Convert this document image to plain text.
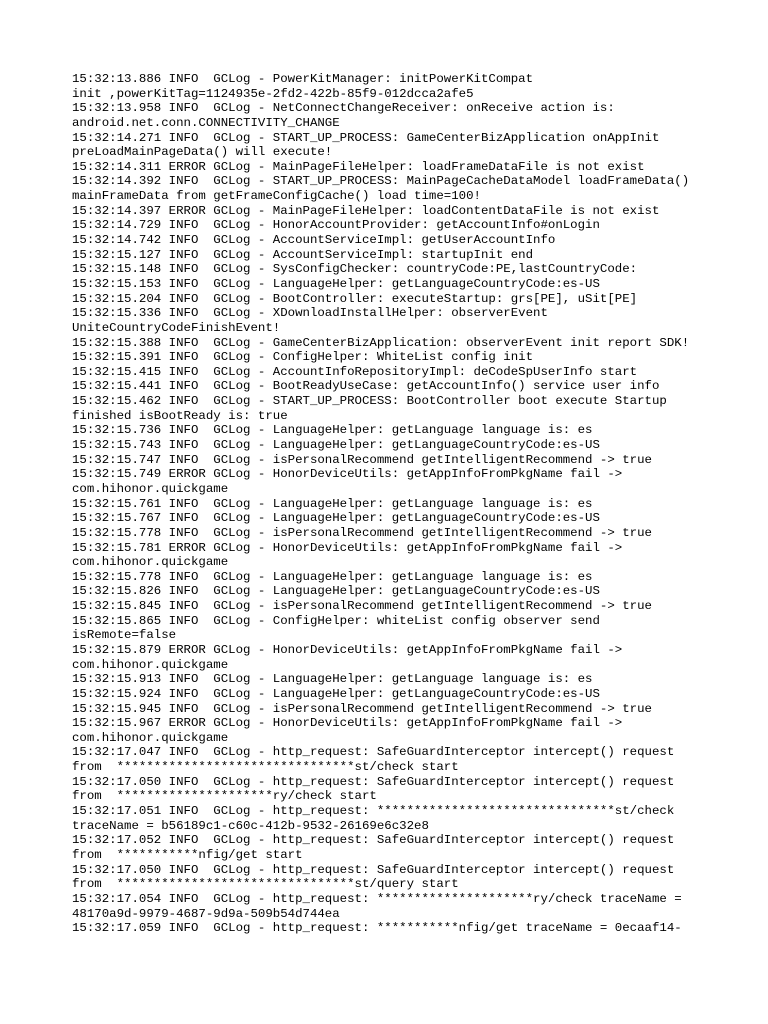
15:32:13.886 INFO  GCLog - PowerKitManager: initPowerKitCompat
init ,powerKitTag=1124935e-2fd2-422b-85f9-012dcca2afe5
15:32:13.958 INFO  GCLog - NetConnectChangeReceiver: onReceive action is:
android.net.conn.CONNECTIVITY_CHANGE
15:32:14.271 INFO  GCLog - START_UP_PROCESS: GameCenterBizApplication onAppInit
preLoadMainPageData() will execute!
15:32:14.311 ERROR GCLog - MainPageFileHelper: loadFrameDataFile is not exist
15:32:14.392 INFO  GCLog - START_UP_PROCESS: MainPageCacheDataModel loadFrameData()
mainFrameData from getFrameConfigCache() load time=100!
15:32:14.397 ERROR GCLog - MainPageFileHelper: loadContentDataFile is not exist
15:32:14.729 INFO  GCLog - HonorAccountProvider: getAccountInfo#onLogin
15:32:14.742 INFO  GCLog - AccountServiceImpl: getUserAccountInfo
15:32:15.127 INFO  GCLog - AccountServiceImpl: startupInit end
15:32:15.148 INFO  GCLog - SysConfigChecker: countryCode:PE,lastCountryCode:
15:32:15.153 INFO  GCLog - LanguageHelper: getLanguageCountryCode:es-US
15:32:15.204 INFO  GCLog - BootController: executeStartup: grs[PE], uSit[PE]
15:32:15.336 INFO  GCLog - XDownloadInstallHelper: observerEvent
UniteCountryCodeFinishEvent!
15:32:15.388 INFO  GCLog - GameCenterBizApplication: observerEvent init report SDK!
15:32:15.391 INFO  GCLog - ConfigHelper: WhiteList config init
15:32:15.415 INFO  GCLog - AccountInfoRepositoryImpl: deCodeSpUserInfo start
15:32:15.441 INFO  GCLog - BootReadyUseCase: getAccountInfo() service user info
15:32:15.462 INFO  GCLog - START_UP_PROCESS: BootController boot execute Startup
finished isBootReady is: true
15:32:15.736 INFO  GCLog - LanguageHelper: getLanguage language is: es
15:32:15.743 INFO  GCLog - LanguageHelper: getLanguageCountryCode:es-US
15:32:15.747 INFO  GCLog - isPersonalRecommend getIntelligentRecommend -> true
15:32:15.749 ERROR GCLog - HonorDeviceUtils: getAppInfoFromPkgName fail ->
com.hihonor.quickgame
15:32:15.761 INFO  GCLog - LanguageHelper: getLanguage language is: es
15:32:15.767 INFO  GCLog - LanguageHelper: getLanguageCountryCode:es-US
15:32:15.778 INFO  GCLog - isPersonalRecommend getIntelligentRecommend -> true
15:32:15.781 ERROR GCLog - HonorDeviceUtils: getAppInfoFromPkgName fail ->
com.hihonor.quickgame
15:32:15.778 INFO  GCLog - LanguageHelper: getLanguage language is: es
15:32:15.826 INFO  GCLog - LanguageHelper: getLanguageCountryCode:es-US
15:32:15.845 INFO  GCLog - isPersonalRecommend getIntelligentRecommend -> true
15:32:15.865 INFO  GCLog - ConfigHelper: whiteList config observer send
isRemote=false
15:32:15.879 ERROR GCLog - HonorDeviceUtils: getAppInfoFromPkgName fail ->
com.hihonor.quickgame
15:32:15.913 INFO  GCLog - LanguageHelper: getLanguage language is: es
15:32:15.924 INFO  GCLog - LanguageHelper: getLanguageCountryCode:es-US
15:32:15.945 INFO  GCLog - isPersonalRecommend getIntelligentRecommend -> true
15:32:15.967 ERROR GCLog - HonorDeviceUtils: getAppInfoFromPkgName fail ->
com.hihonor.quickgame
15:32:17.047 INFO  GCLog - http_request: SafeGuardInterceptor intercept() request
from  ********************************st/check start
15:32:17.050 INFO  GCLog - http_request: SafeGuardInterceptor intercept() request
from  *********************ry/check start
15:32:17.051 INFO  GCLog - http_request: ********************************st/check
traceName = b56189c1-c60c-412b-9532-26169e6c32e8
15:32:17.052 INFO  GCLog - http_request: SafeGuardInterceptor intercept() request
from  ***********nfig/get start
15:32:17.050 INFO  GCLog - http_request: SafeGuardInterceptor intercept() request
from  ********************************st/query start
15:32:17.054 INFO  GCLog - http_request: *********************ry/check traceName =
48170a9d-9979-4687-9d9a-509b54d744ea
15:32:17.059 INFO  GCLog - http_request: ***********nfig/get traceName = 0ecaaf14-
